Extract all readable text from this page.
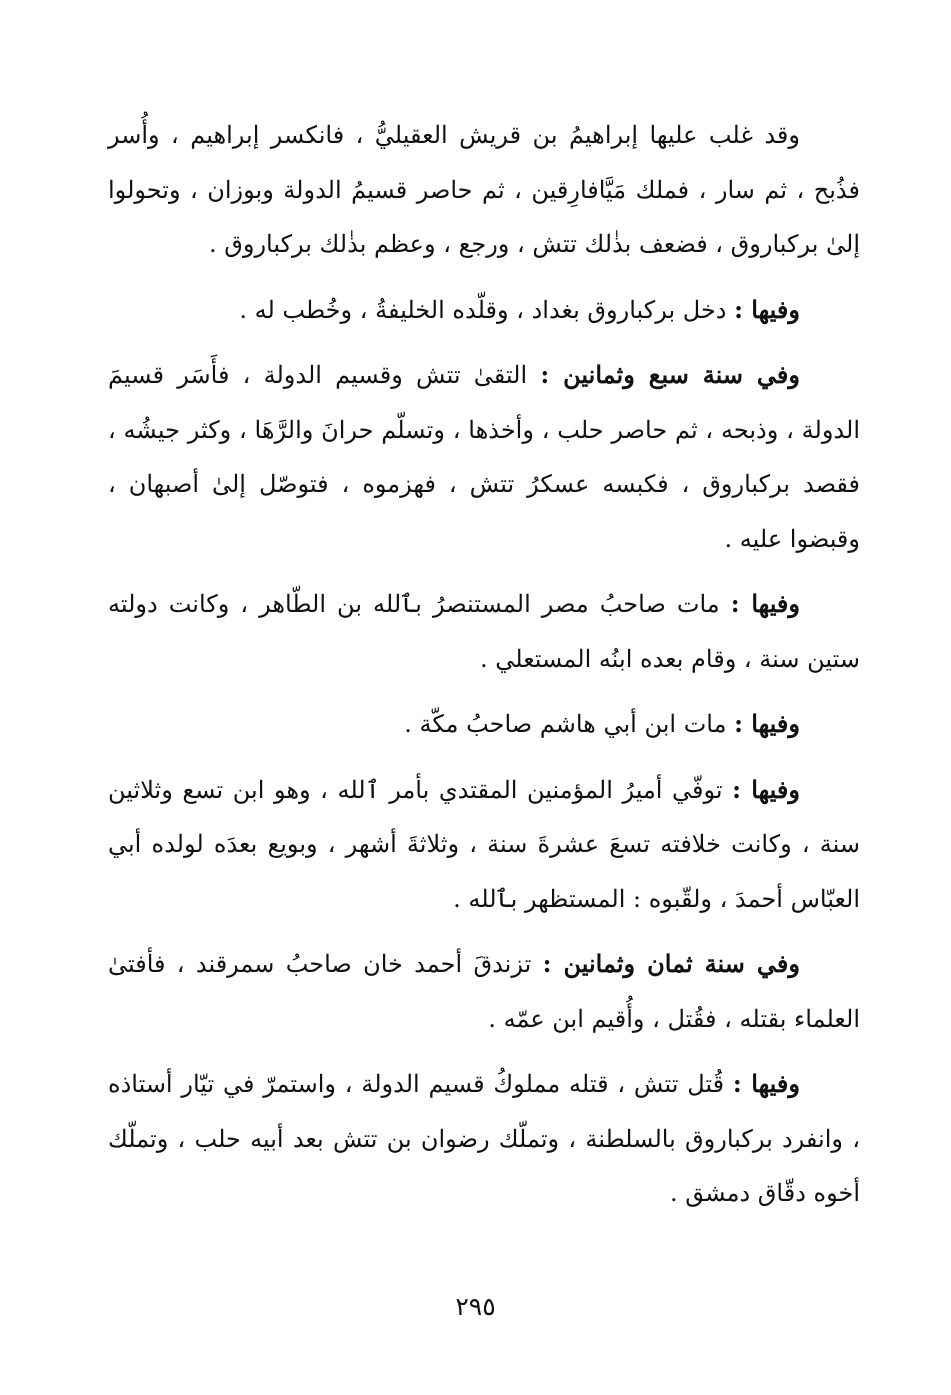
وقد غلب عليها إبراهيمُ بن قريش العقيليُّ ، فانكسر إبراهيم ، وأُسر فذُبح ، ثم سار ، فملك مَيَّافارِقين ، ثم حاصر قسيمُ الدولة وبوزان ، وتحولوا إلىٰ بركباروق ، فضعف بذٰلك تتش ، ورجع ، وعظم بذٰلك بركباروق .

وفيها : دخل بركباروق بغداد ، وقلّده الخليفةُ ، وخُطب له .

وفي سنة سبع وثمانين : التقىٰ تتش وقسيم الدولة ، فأَسَر قسيمَ الدولة ، وذبحه ، ثم حاصر حلب ، وأخذها ، وتسلّم حرانَ والرَّهَا ، وكثر جيشُه ، فقصد بركباروق ، فكبسه عسكرُ تتش ، فهزموه ، فتوصّل إلىٰ أصبهان ، وقبضوا عليه .

وفيها : مات صاحبُ مصر المستنصرُ بٱلله بن الطّاهر ، وكانت دولته ستين سنة ، وقام بعده ابنُه المستعلي .

وفيها : مات ابن أبي هاشم صاحبُ مكّة .

وفيها : توفّي أميرُ المؤمنين المقتدي بأمر ٱلله ، وهو ابن تسع وثلاثين سنة ، وكانت خلافته تسعَ عشرةَ سنة ، وثلاثةَ أشهر ، وبويع بعدَه لولده أبي العبّاس أحمدَ ، ولقّبوه : المستظهر بٱلله .

وفي سنة ثمان وثمانين : تزندقَ أحمد خان صاحبُ سمرقند ، فأفتىٰ العلماء بقتله ، فقُتل ، وأُقيم ابن عمّه .

وفيها : قُتل تتش ، قتله مملوكُ قسيم الدولة ، واستمرّ في تيّار أستاذه ، وانفرد بركباروق بالسلطنة ، وتملّك رضوان بن تتش بعد أبيه حلب ، وتملّك أخوه دقّاق دمشق .

٢٩٥
